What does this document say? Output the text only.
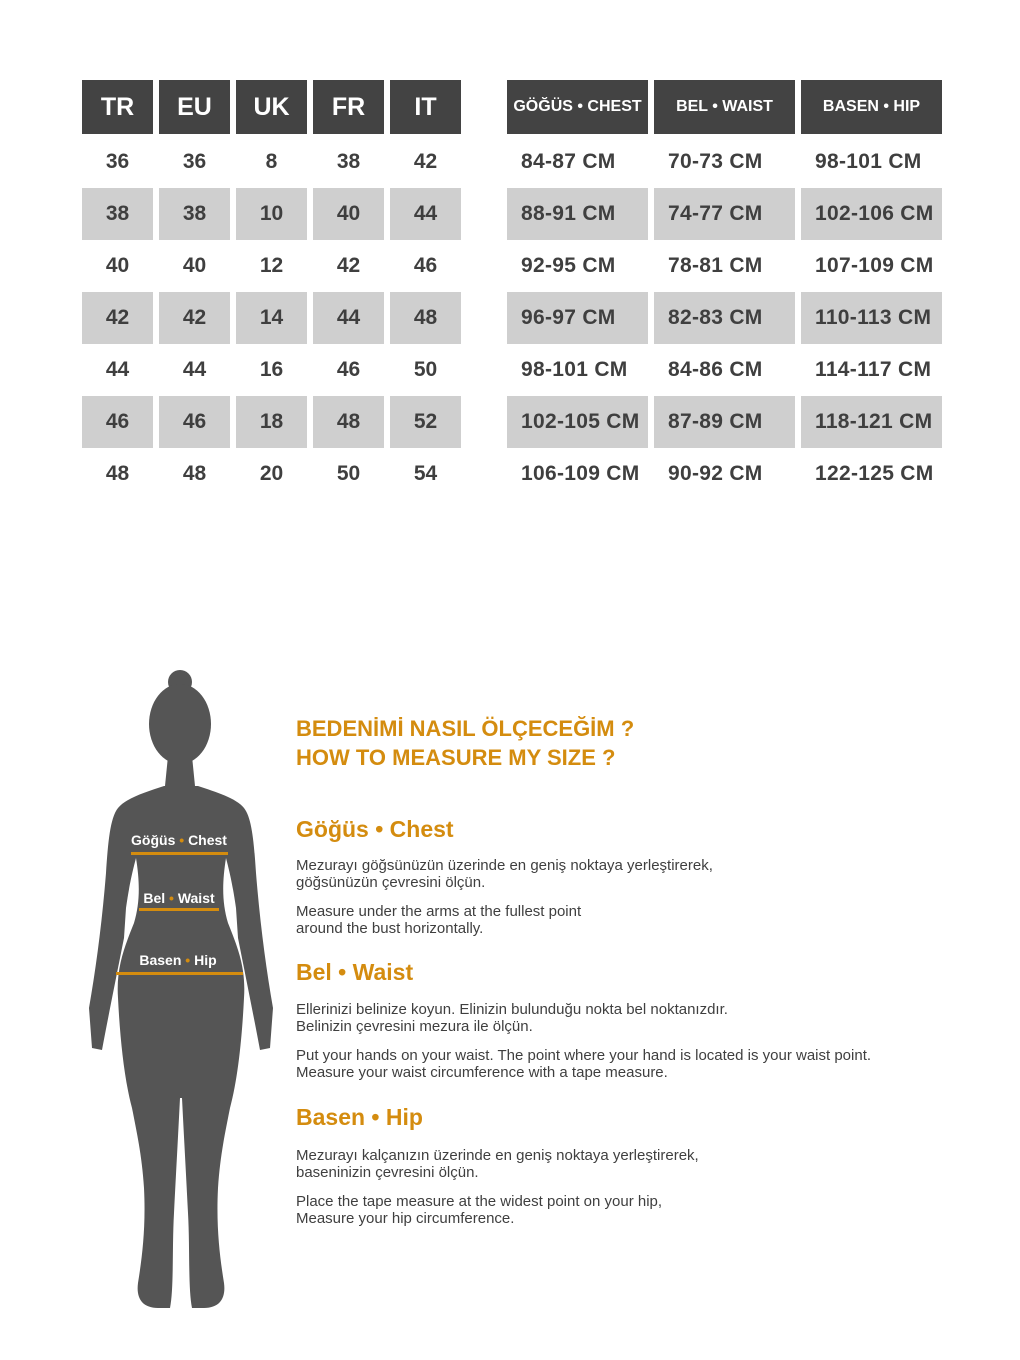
TR	EU	UK	FR	IT
36	36	8	38	42
38	38	10	40	44
40	40	12	42	46
42	42	14	44	48
44	44	16	46	50
46	46	18	48	52
48	48	20	50	54
GÖĞÜS • CHEST	BEL • WAIST	BASEN • HIP
84-87 CM	70-73 CM	98-101 CM
88-91 CM	74-77 CM	102-106 CM
92-95 CM	78-81 CM	107-109 CM
96-97 CM	82-83 CM	110-113 CM
98-101 CM	84-86 CM	114-117 CM
102-105 CM	87-89 CM	118-121 CM
106-109 CM	90-92 CM	122-125 CM
Göğüs • Chest
Bel • Waist
Basen • Hip
BEDENİMİ NASIL ÖLÇECEĞİM ?
HOW TO MEASURE MY SIZE ?
Göğüs • Chest
Mezurayı göğsünüzün üzerinde en geniş noktaya yerleştirerek,
göğsünüzün çevresini ölçün.
Measure under the arms at the fullest point
around the bust horizontally.
Bel • Waist
Ellerinizi belinize koyun. Elinizin bulunduğu nokta bel noktanızdır.
Belinizin çevresini mezura ile ölçün.
Put your hands on your waist. The point where your hand is located is your waist point.
Measure your waist circumference with a tape measure.
Basen • Hip
Mezurayı kalçanızın üzerinde en geniş noktaya yerleştirerek,
baseninizin çevresini ölçün.
Place the tape measure at the widest point on your hip,
Measure your hip circumference.
